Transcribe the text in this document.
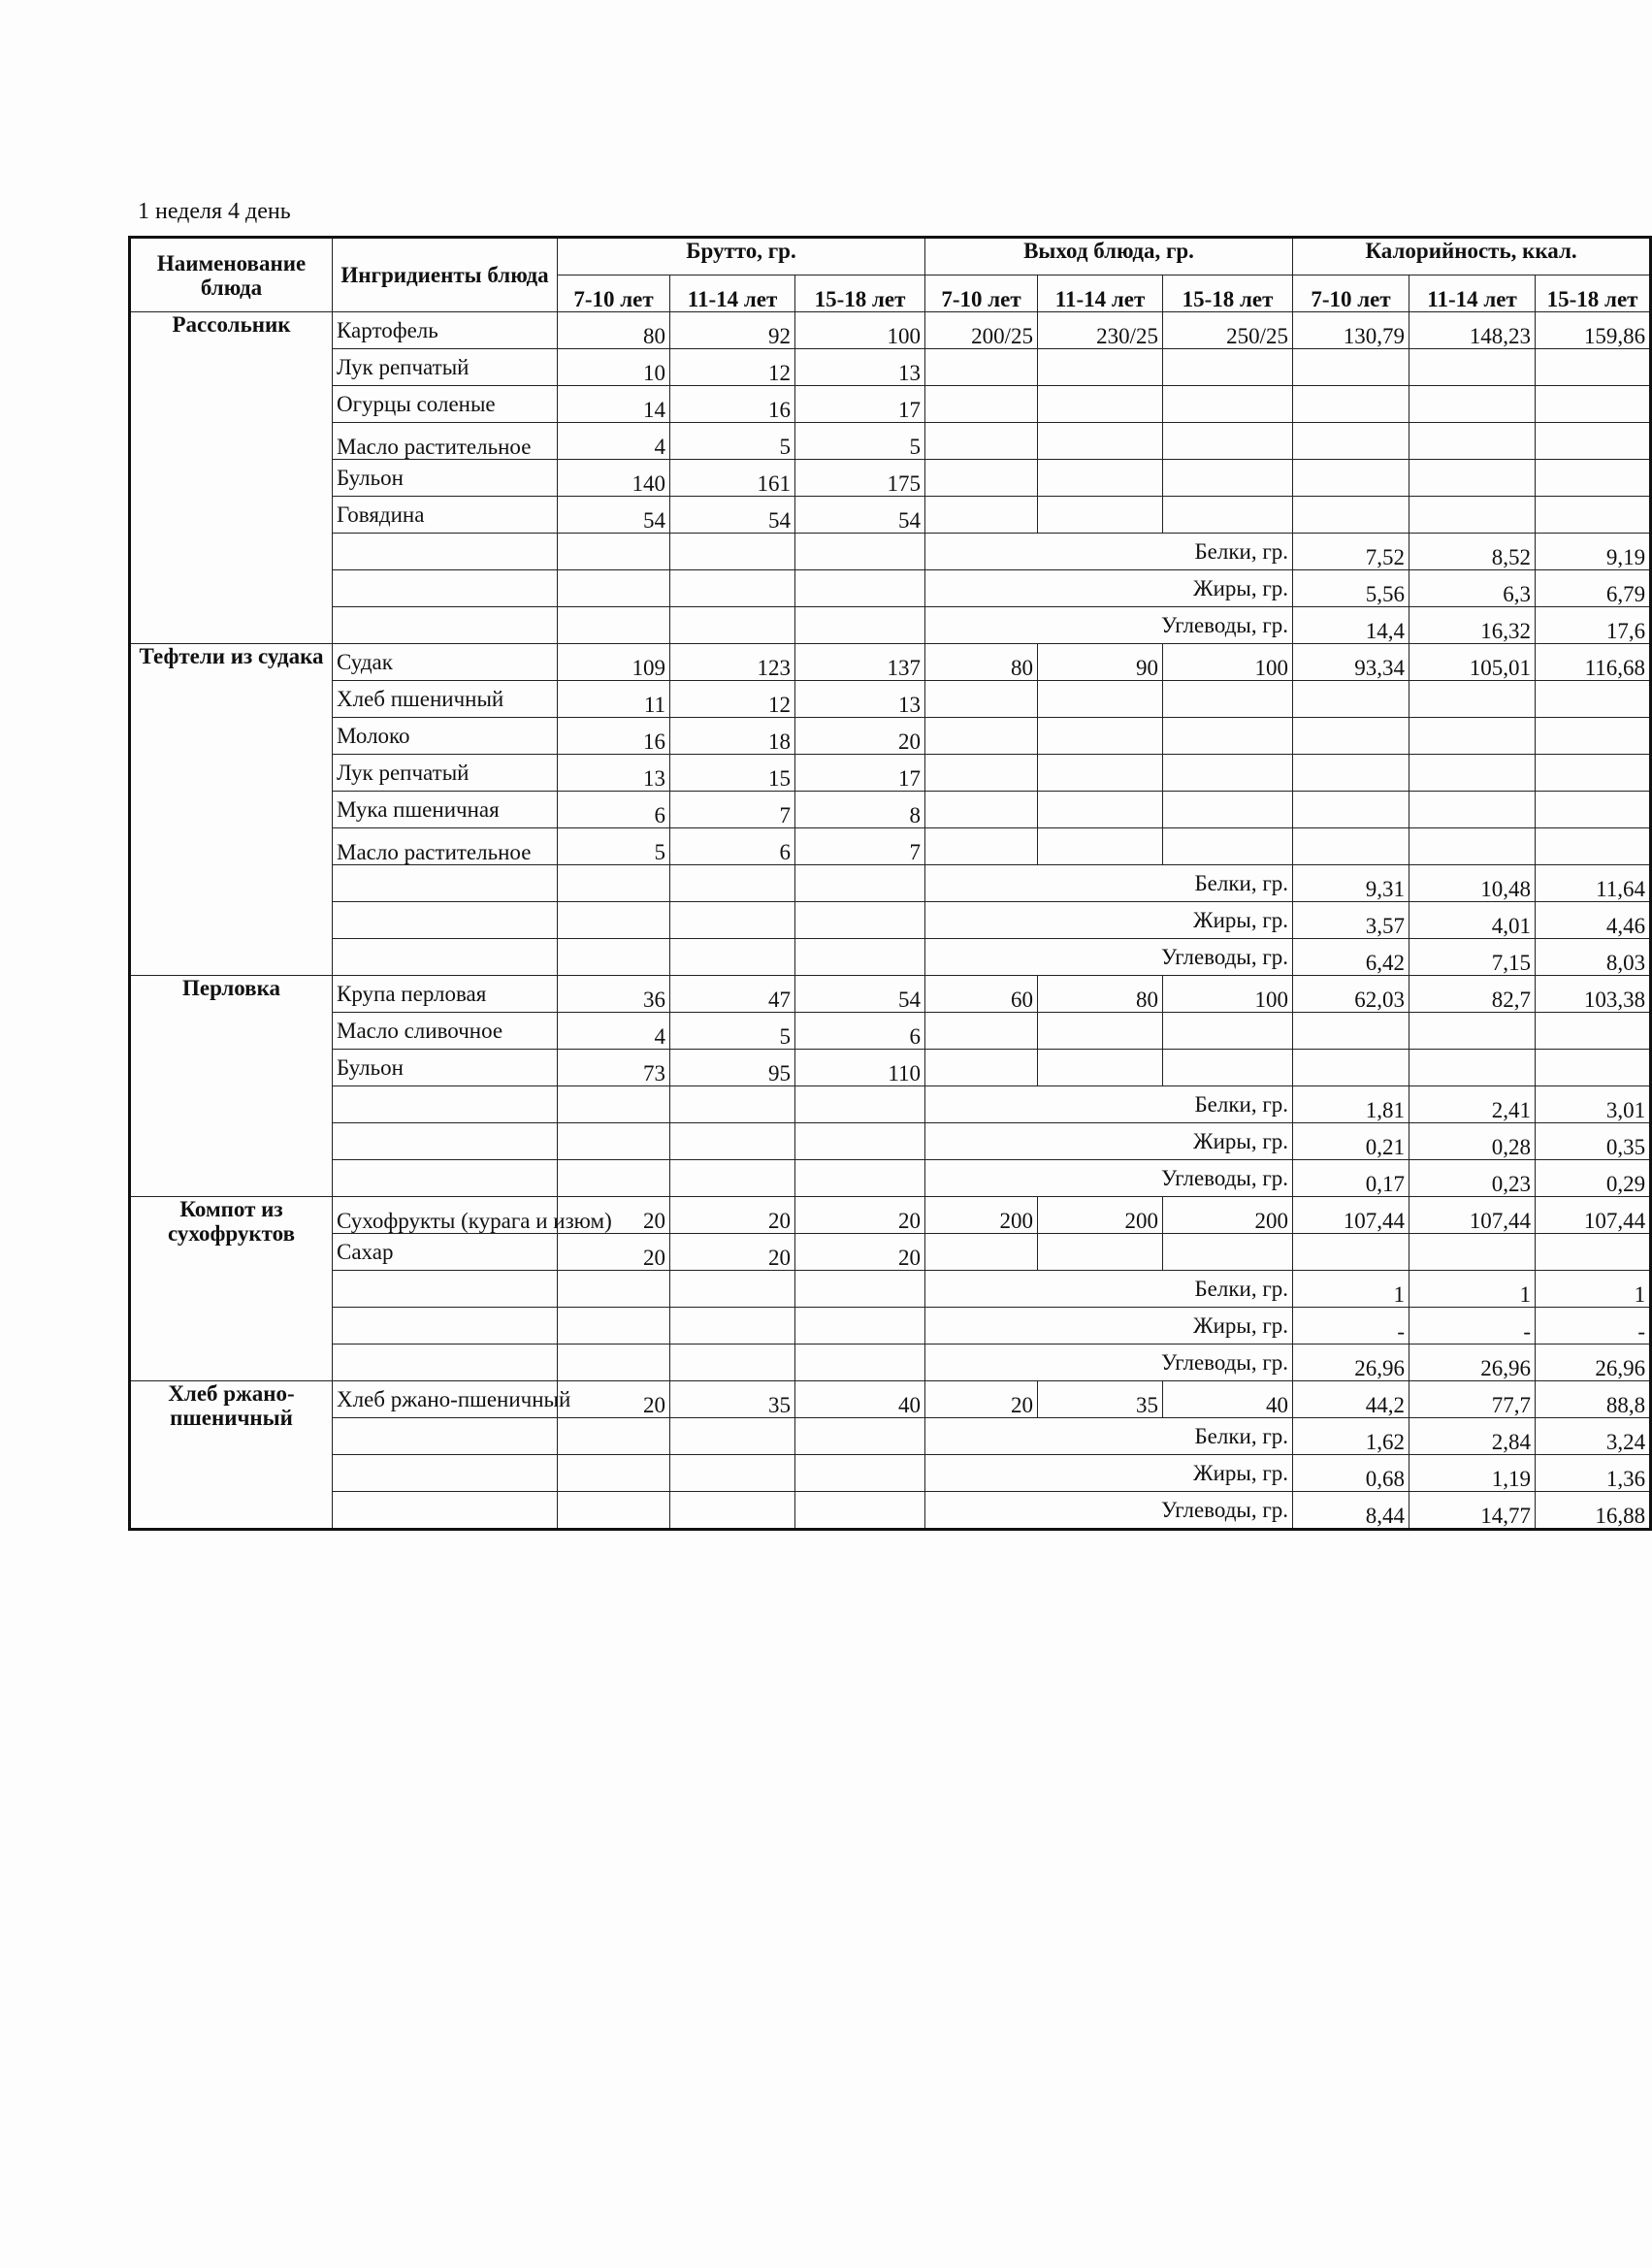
1 неделя 4 день
Наименование блюда	Ингридиенты блюда	Брутто, гр.			Выход блюда, гр.			Калорийность, ккал.		
		7-10 лет	11-14 лет	15-18 лет	7-10 лет	11-14 лет	15-18 лет	7-10 лет	11-14 лет	15-18 лет
Рассольник	Картофель	80	92	100	200/25	230/25	250/25	130,79	148,23	159,86
	Лук репчатый	10	12	13						
	Огурцы соленые	14	16	17						
	Масло растительное	4	5	5						
	Бульон	140	161	175						
	Говядина	54	54	54						
					Белки, гр.			7,52	8,52	9,19
					Жиры, гр.			5,56	6,3	6,79
					Углеводы, гр.			14,4	16,32	17,6
Тефтели из судака	Судак	109	123	137	80	90	100	93,34	105,01	116,68
	Хлеб пшеничный	11	12	13						
	Молоко	16	18	20						
	Лук репчатый	13	15	17						
	Мука пшеничная	6	7	8						
	Масло растительное	5	6	7						
					Белки, гр.			9,31	10,48	11,64
					Жиры, гр.			3,57	4,01	4,46
					Углеводы, гр.			6,42	7,15	8,03
Перловка	Крупа перловая	36	47	54	60	80	100	62,03	82,7	103,38
	Масло сливочное	4	5	6						
	Бульон	73	95	110						
					Белки, гр.			1,81	2,41	3,01
					Жиры, гр.			0,21	0,28	0,35
					Углеводы, гр.			0,17	0,23	0,29
Компот из сухофруктов	Сухофрукты (курага и изюм)	20	20	20	200	200	200	107,44	107,44	107,44
	Сахар	20	20	20						
					Белки, гр.			1	1	1
					Жиры, гр.			-	-	-
					Углеводы, гр.			26,96	26,96	26,96
Хлеб ржано-пшеничный	Хлеб ржано-пшеничный	20	35	40	20	35	40	44,2	77,7	88,8
					Белки, гр.			1,62	2,84	3,24
					Жиры, гр.			0,68	1,19	1,36
					Углеводы, гр.			8,44	14,77	16,88
